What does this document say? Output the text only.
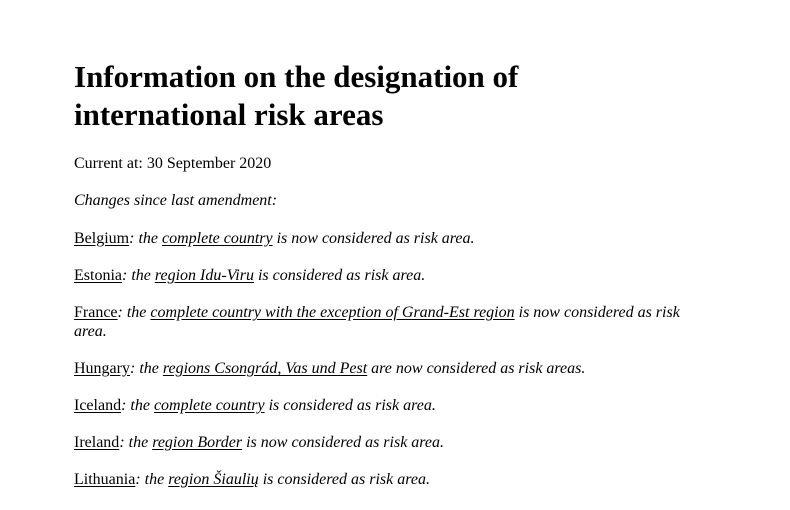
Information on the designation of
international risk areas

Current at: 30 September 2020

Changes since last amendment:

Belgium: the complete country is now considered as risk area.

Estonia: the region Idu-Viru is considered as risk area.

France: the complete country with the exception of Grand-Est region is now considered as risk area.

Hungary: the regions Csongrád, Vas und Pest are now considered as risk areas.

Iceland: the complete country is considered as risk area.

Ireland: the region Border is now considered as risk area.

Lithuania: the region Šiaulių is considered as risk area.
